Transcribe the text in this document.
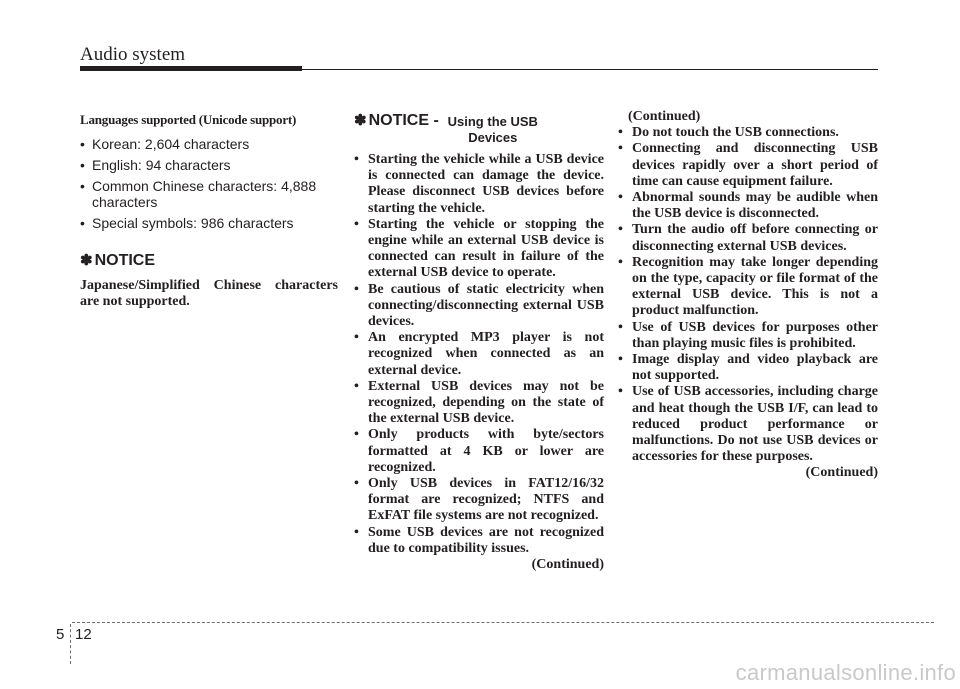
Audio system

Languages supported (Unicode support)

• Korean: 2,604 characters
• English: 94 characters
• Common Chinese characters: 4,888 characters
• Special symbols: 986 characters
✽ NOTICE

Japanese/Simplified Chinese characters are not supported.

✽ NOTICE - Using the USB Devices
• Starting the vehicle while a USB device is connected can damage the device. Please disconnect USB devices before starting the vehicle.
• Starting the vehicle or stopping the engine while an external USB device is connected can result in failure of the external USB device to operate.
• Be cautious of static electricity when connecting/disconnecting external USB devices.
• An encrypted MP3 player is not recognized when connected as an external device.
• External USB devices may not be recognized, depending on the state of the external USB device.
• Only products with byte/sectors formatted at 4 KB or lower are recognized.
• Only USB devices in FAT12/16/32 format are recognized; NTFS and ExFAT file systems are not recognized.
• Some USB devices are not recognized due to compatibility issues.
(Continued)
(Continued)
• Do not touch the USB connections.
• Connecting and disconnecting USB devices rapidly over a short period of time can cause equipment failure.
• Abnormal sounds may be audible when the USB device is disconnected.
• Turn the audio off before connecting or disconnecting external USB devices.
• Recognition may take longer depending on the type, capacity or file format of the external USB device. This is not a product malfunction.
• Use of USB devices for purposes other than playing music files is prohibited.
• Image display and video playback are not supported.
• Use of USB accessories, including charge and heat though the USB I/F, can lead to reduced product performance or malfunctions. Do not use USB devices or accessories for these purposes.
(Continued)
5 12
carmanualsonline.info
